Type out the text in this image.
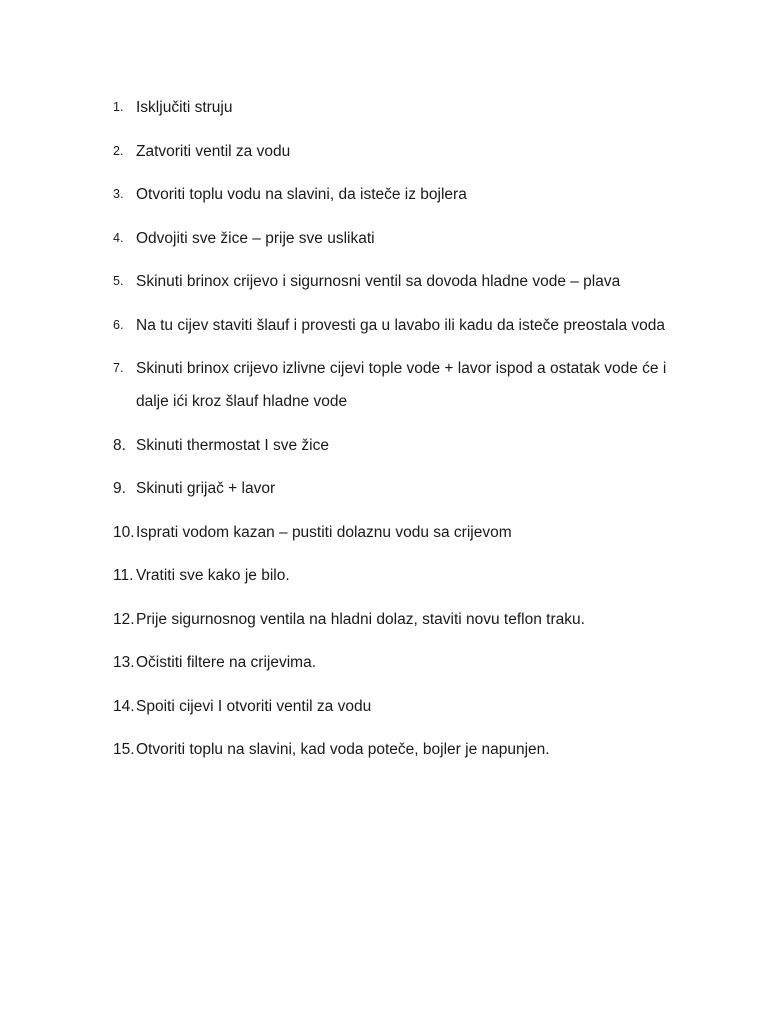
1. Isključiti struju
2. Zatvoriti ventil za vodu
3. Otvoriti toplu vodu na slavini, da isteče iz bojlera
4. Odvojiti sve žice – prije sve uslikati
5. Skinuti brinox crijevo i sigurnosni ventil sa dovoda hladne vode – plava
6. Na tu cijev staviti šlauf i provesti ga u lavabo ili kadu da isteče preostala voda
7. Skinuti brinox crijevo izlivne cijevi tople vode + lavor ispod a ostatak vode će i dalje ići kroz šlauf hladne vode
8. Skinuti thermostat I sve žice
9. Skinuti grijač + lavor
10. Isprati vodom kazan – pustiti dolaznu vodu sa crijevom
11. Vratiti sve kako je bilo.
12. Prije sigurnosnog ventila na hladni dolaz, staviti novu teflon traku.
13. Očistiti filtere na crijevima.
14. Spoiti cijevi I otvoriti ventil za vodu
15. Otvoriti toplu na slavini, kad voda poteče, bojler je napunjen.
